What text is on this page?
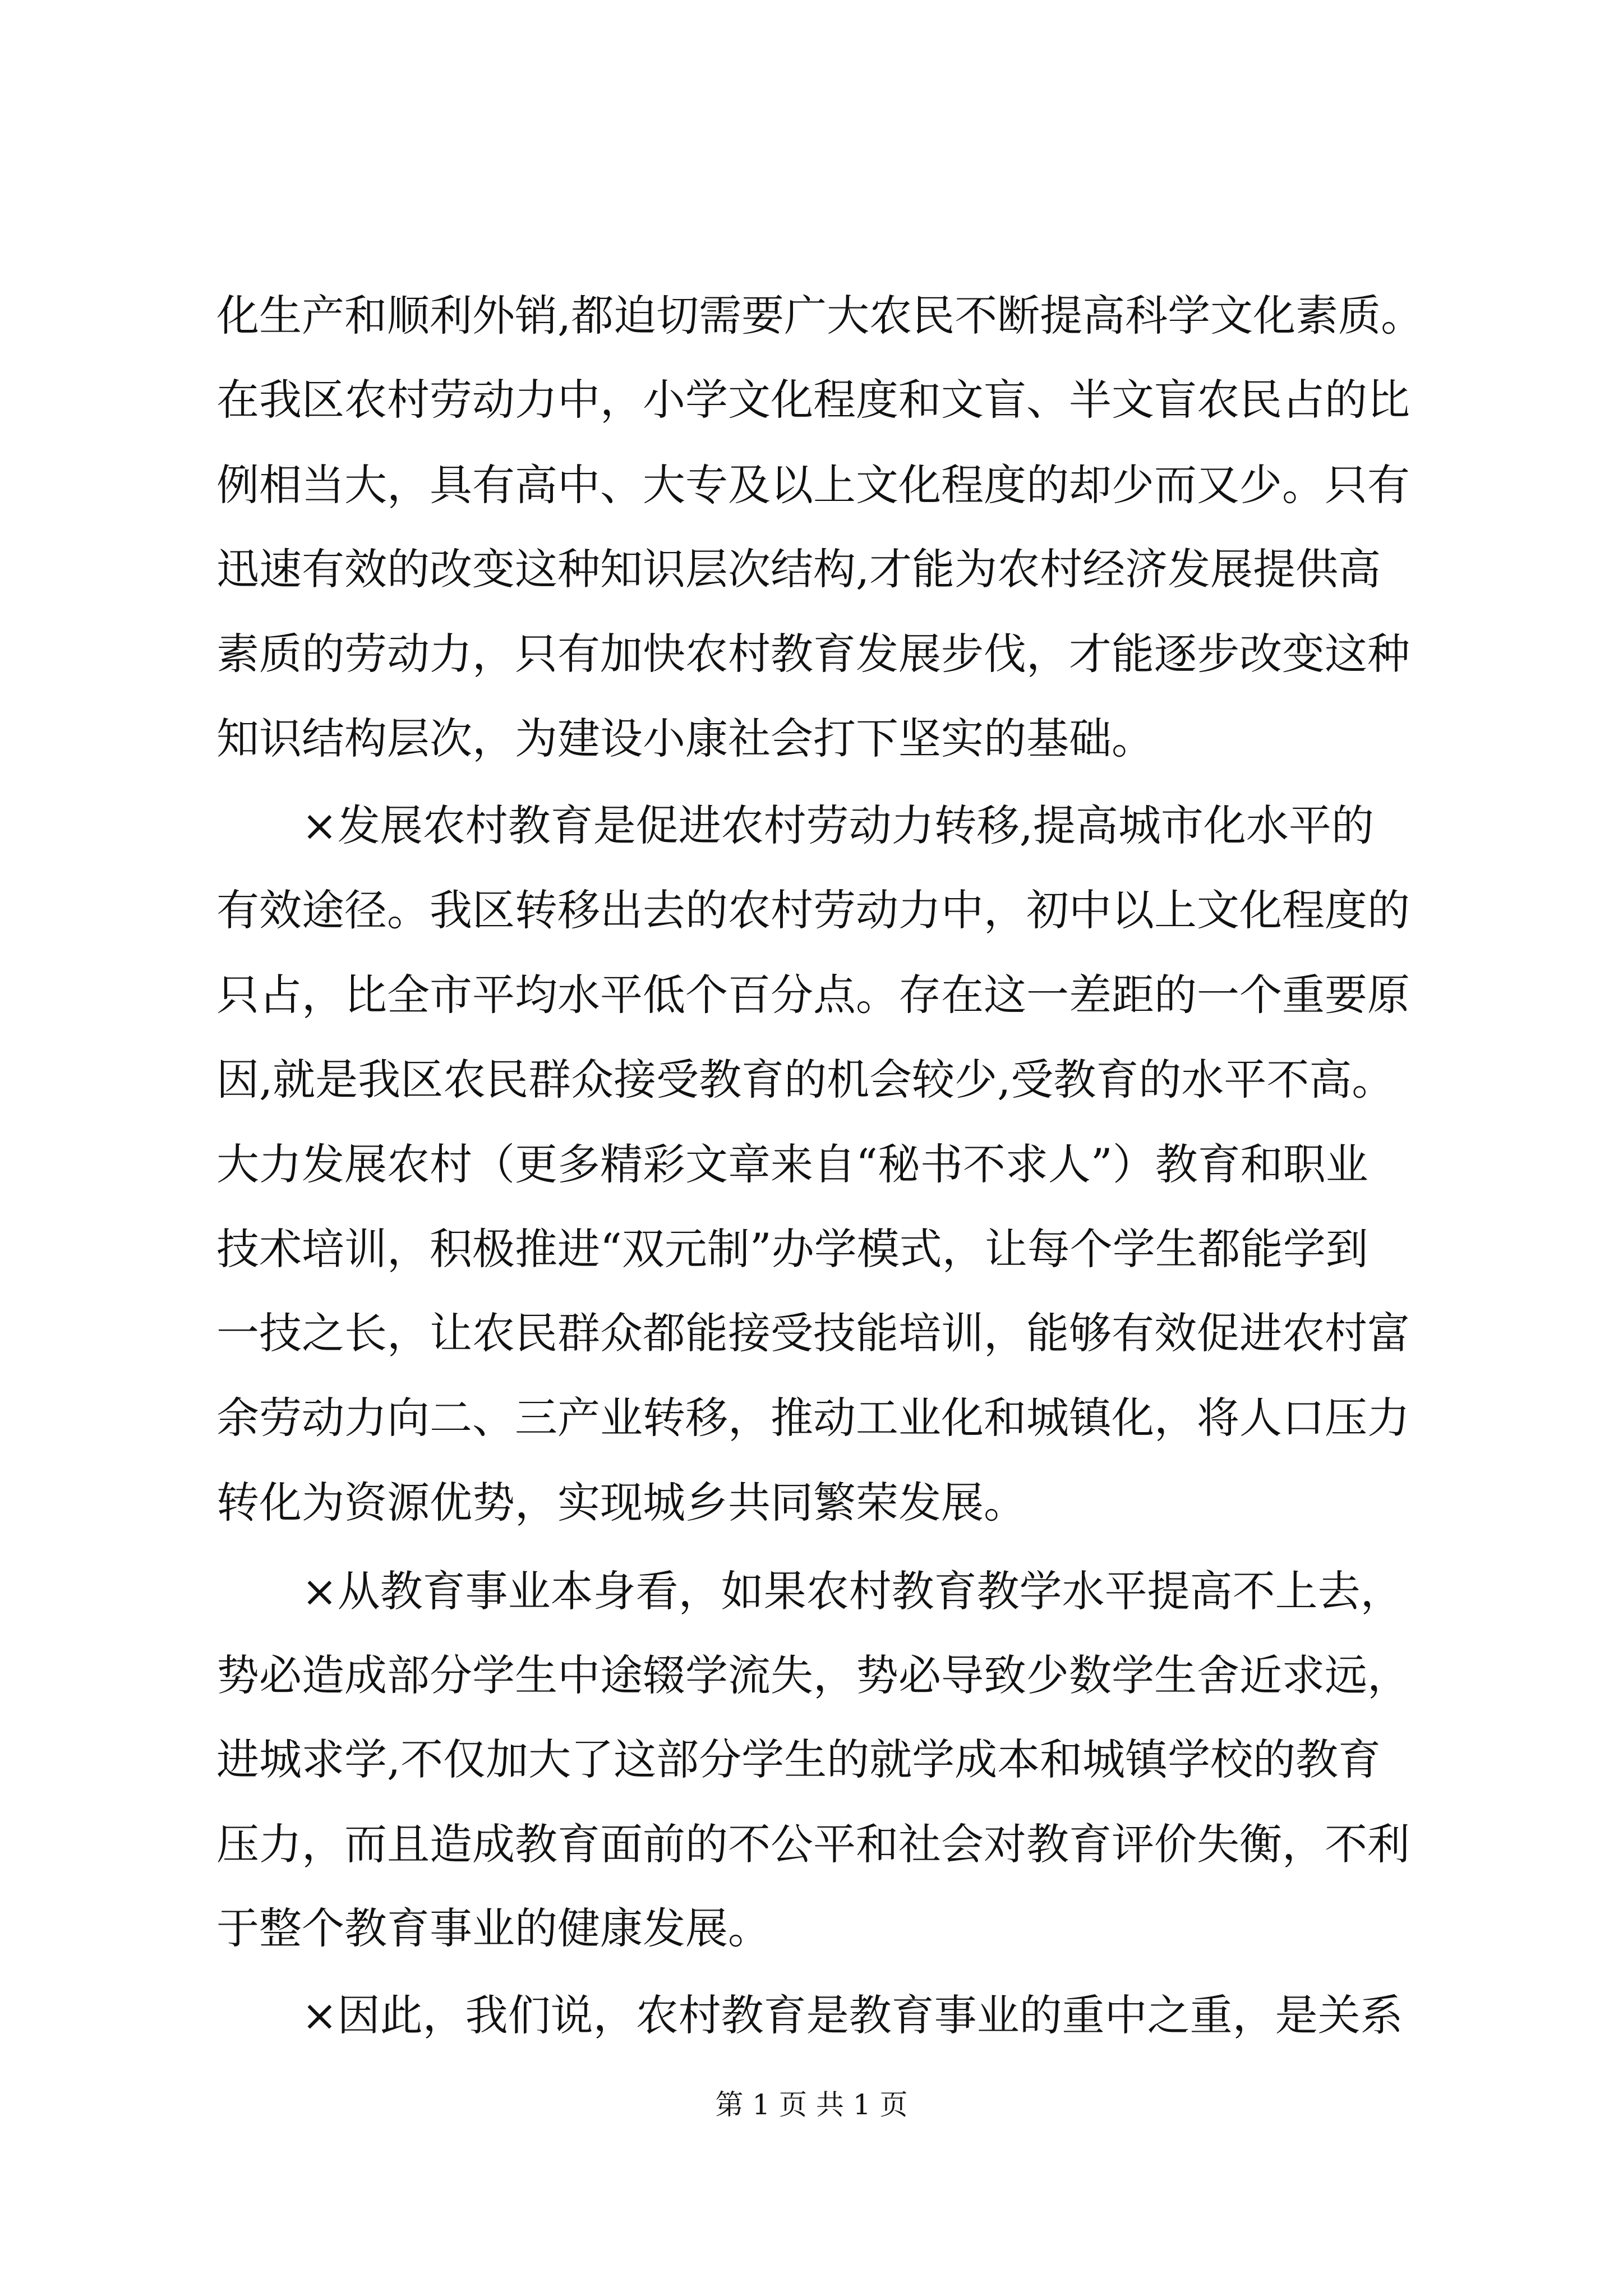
化生产和顺利外销,都迫切需要广大农民不断提高科学文化素质。

在我区农村劳动力中，小学文化程度和文盲、半文盲农民占的比

例相当大，具有高中、大专及以上文化程度的却少而又少。只有

迅速有效的改变这种知识层次结构,才能为农村经济发展提供高

素质的劳动力，只有加快农村教育发展步伐，才能逐步改变这种

知识结构层次，为建设小康社会打下坚实的基础。

×发展农村教育是促进农村劳动力转移,提高城市化水平的

有效途径。我区转移出去的农村劳动力中，初中以上文化程度的

只占，比全市平均水平低个百分点。存在这一差距的一个重要原

因,就是我区农民群众接受教育的机会较少,受教育的水平不高。

大力发展农村（更多精彩文章来自“秘书不求人”）教育和职业

技术培训，积极推进“双元制”办学模式，让每个学生都能学到

一技之长，让农民群众都能接受技能培训，能够有效促进农村富

余劳动力向二、三产业转移，推动工业化和城镇化，将人口压力

转化为资源优势，实现城乡共同繁荣发展。

×从教育事业本身看，如果农村教育教学水平提高不上去，

势必造成部分学生中途辍学流失，势必导致少数学生舍近求远，

进城求学,不仅加大了这部分学生的就学成本和城镇学校的教育

压力，而且造成教育面前的不公平和社会对教育评价失衡，不利

于整个教育事业的健康发展。

×因此，我们说，农村教育是教育事业的重中之重，是关系

第 1 页 共 1 页
